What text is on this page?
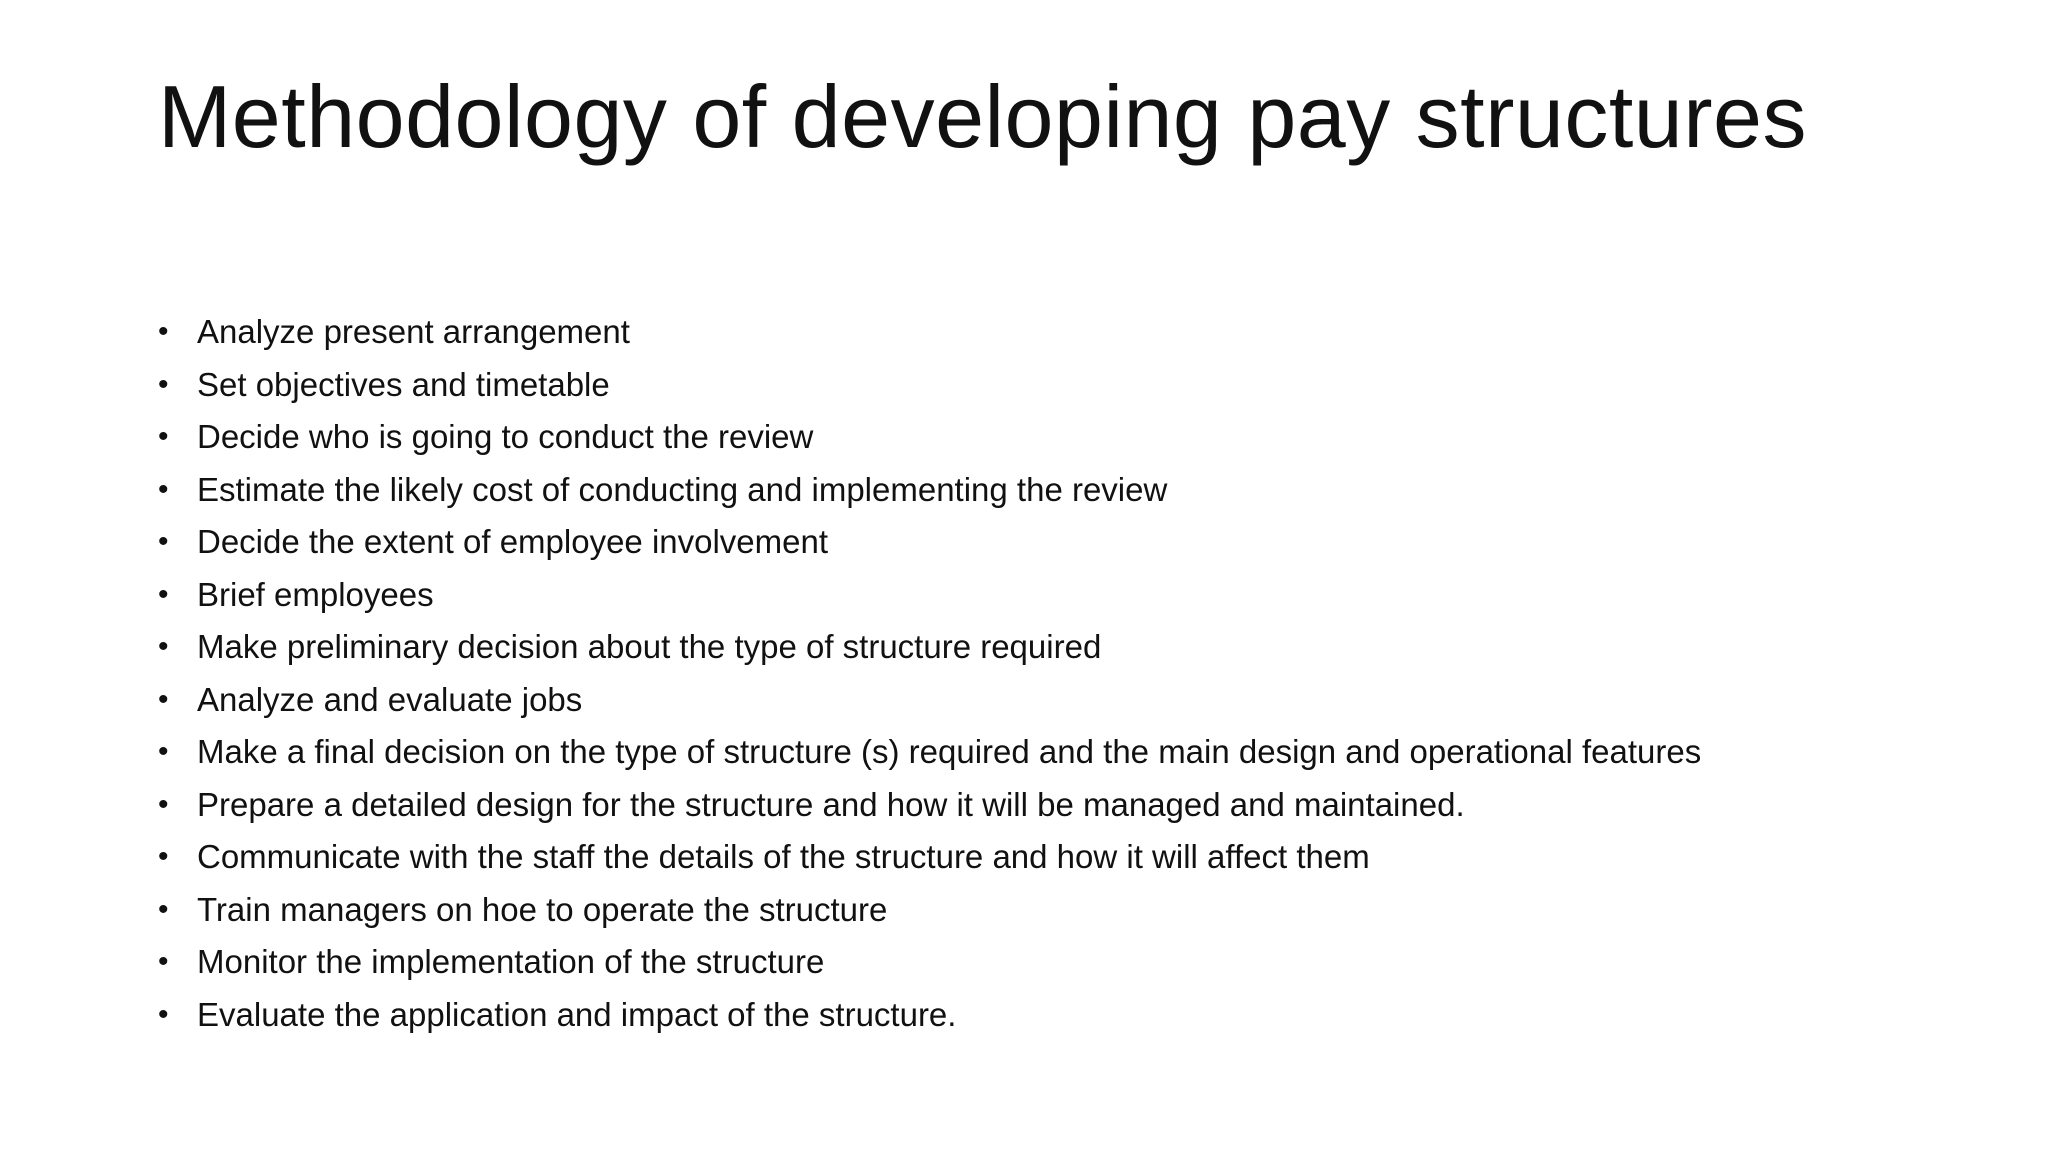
Methodology of developing pay structures
• Analyze present arrangement
• Set objectives and timetable
• Decide who is going to conduct the review
• Estimate the likely cost of conducting and implementing the review
• Decide the extent of employee involvement
• Brief employees
• Make preliminary decision about the type of structure required
• Analyze and evaluate jobs
• Make a final decision on the type of structure (s) required and the main design and operational features
• Prepare a detailed design for the structure and how it will be managed and maintained.
• Communicate with the staff the details of the structure and how it will affect them
• Train managers on hoe to operate the structure
• Monitor the implementation of the structure
• Evaluate the application and impact of the structure.
